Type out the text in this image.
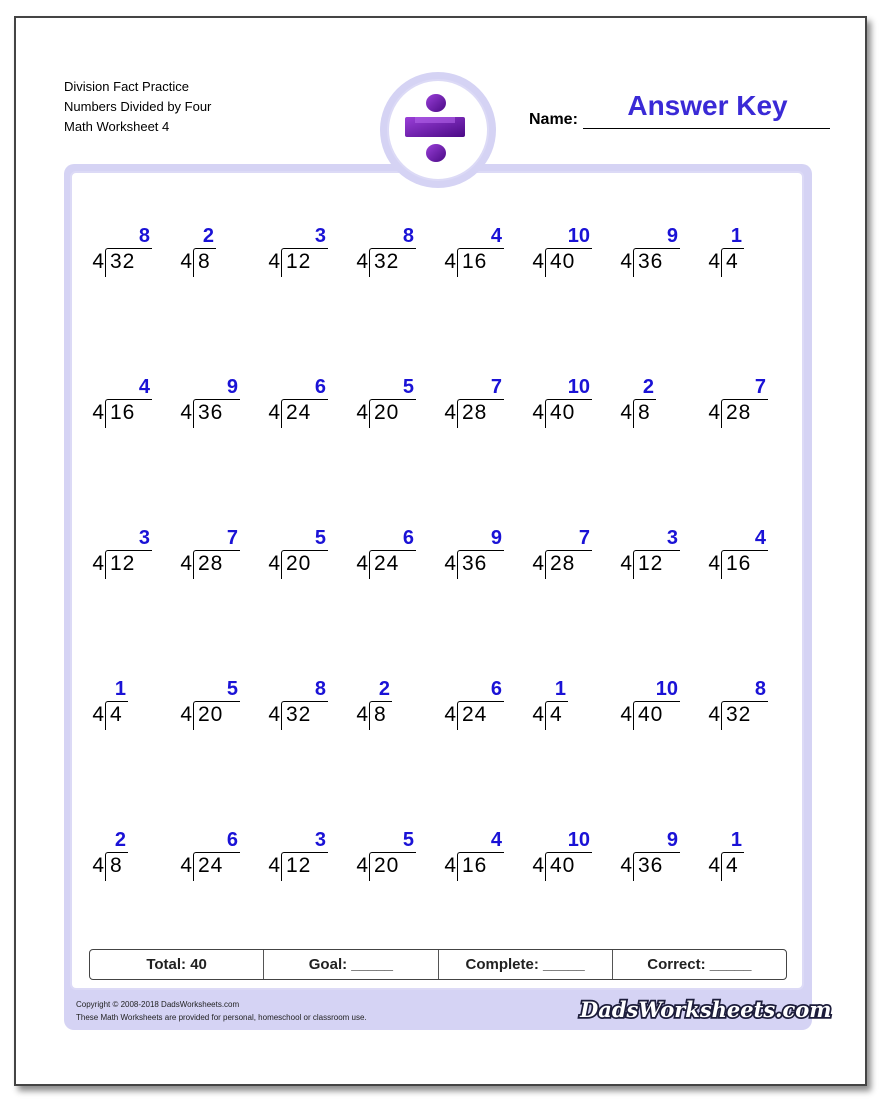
Division Fact Practice
Numbers Divided by Four
Math Worksheet 4	Name:	Answer Key
8
4 32
2
4 8
3
4 12
8
4 32
4
4 16
10
4 40
9
4 36
1
4 4
4
4 16
9
4 36
6
4 24
5
4 20
7
4 28
10
4 40
2
4 8
7
4 28
3
4 12
7
4 28
5
4 20
6
4 24
9
4 36
7
4 28
3
4 12
4
4 16
1
4 4
5
4 20
8
4 32
2
4 8
6
4 24
1
4 4
10
4 40
8
4 32
2
4 8
6
4 24
3
4 12
5
4 20
4
4 16
10
4 40
9
4 36
1
4 4
Total: 40	Goal: _____	Complete: _____	Correct: _____
Copyright © 2008-2018 DadsWorksheets.com
These Math Worksheets are provided for personal, homeschool or classroom use.	DadsWorksheets.com
